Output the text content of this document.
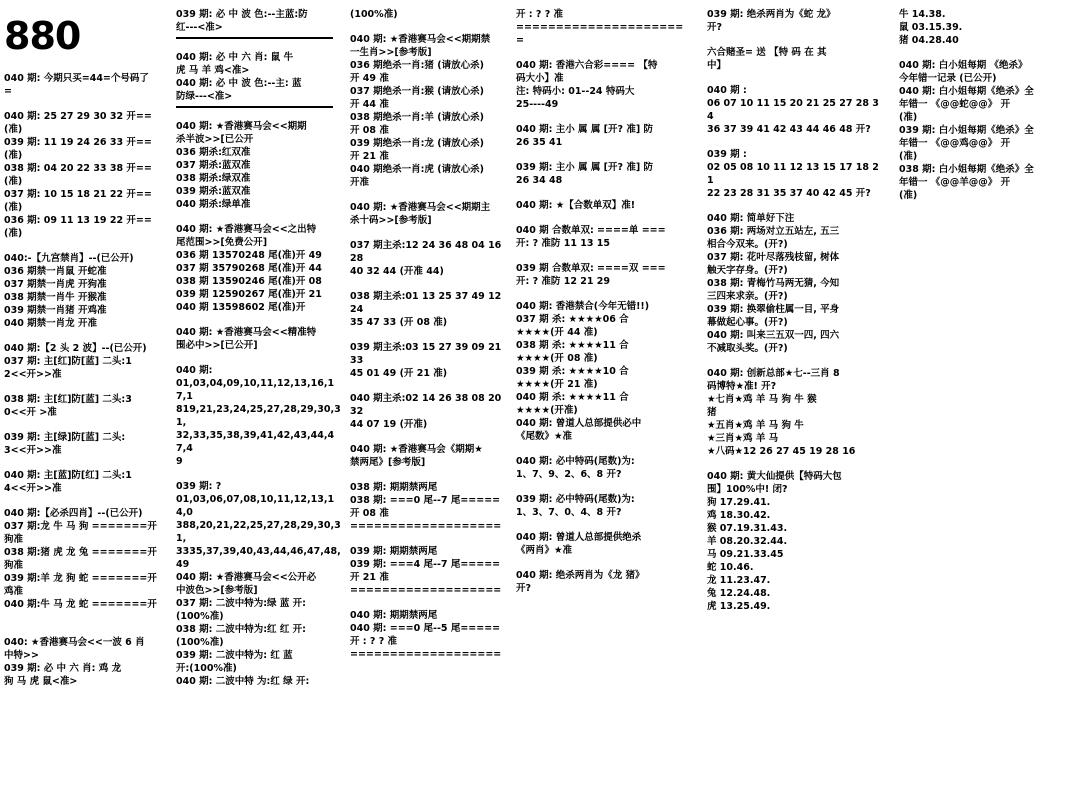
880
040 期: 今期只买=44=个号码了
=
040 期: 25 27 29 30 32 开==(准)
039 期: 11 19 24 26 33 开==(准)
038 期: 04 20 22 33 38 开==(准)
037 期: 10 15 18 21 22 开==(准)
036 期: 09 11 13 19 22 开==(准)
040:-【九宫禁肖】--(已公开)
036 期禁一肖鼠 开蛇准
037 期禁一肖虎 开狗准
038 期禁一肖牛 开猴准
039 期禁一肖猪 开鸡准
040 期禁一肖龙 开准
040 期:【2 头 2 波】--(已公开)
037 期: 主[红]防[蓝] 二头:1
2<<开>>准
038 期: 主[红]防[蓝] 二头:3
0<<开 >准
039 期: 主[绿]防[蓝] 二头:
3<<开>>准
040 期: 主[蓝]防[红] 二头:1
4<<开>>准
040 期:【必杀四肖】--(已公开)
037 期:龙 牛 马 狗 =======开
狗准
038 期:猪 虎 龙 兔 =======开
狗准
039 期:羊 龙 狗 蛇 =======开
鸡准
040 期:牛 马 龙 蛇 =======开

040: ★香港赛马会<<一波 6 肖
中特>>
039 期: 必 中 六 肖: 鸡 龙
狗 马 虎 鼠<准>
039 期: 必 中 波 色:--主蓝:防
红---<准>
040 期: 必 中 六 肖: 鼠 牛
虎 马 羊 鸡<准>
040 期: 必 中 波 色:--主: 蓝
防绿---<准>
040 期: ★香港赛马会<<期期
杀半波>>[已公开
036 期杀:红双准
037 期杀:蓝双准
038 期杀:绿双准
039 期杀:蓝双准
040 期杀:绿单准
040 期: ★香港赛马会<<之出特
尾范围>>[免费公开]
036 期 13570248 尾(准)开 49
037 期 35790268 尾(准)开 44
038 期 13590246 尾(准)开 08
039 期 12590267 尾(准)开 21
040 期 13598602 尾(准)开
040 期: ★香港赛马会<<精准特
围必中>>[已公开]
040 期:
01,03,04,09,10,11,12,13,16,17,1
819,21,23,24,25,27,28,29,30,31,
32,33,35,38,39,41,42,43,44,47,4
9
039 期: ?
01,03,06,07,08,10,11,12,13,14,0
388,20,21,22,25,27,28,29,30,31,
3335,37,39,40,43,44,46,47,48,49
040 期: ★香港赛马会<<公开必
中波色>>[参考版]
037 期: 二波中特为:绿 蓝 开:
(100%准)
038 期: 二波中特为:红 红 开:
(100%准)
039 期: 二波中特为: 红 蓝
开:(100%准)
040 期: 二波中特 为:红 绿 开:
(100%准)
040 期: ★香港赛马会<<期期禁
一生肖>>[参考版]
036 期绝杀一肖:猪 (请放心杀)
开 49 准
037 期绝杀一肖:猴 (请放心杀)
开 44 准
038 期绝杀一肖:羊 (请放心杀)
开 08 准
039 期绝杀一肖:龙 (请放心杀)
开 21 准
040 期绝杀一肖:虎 (请放心杀)
开准
040 期: ★香港赛马会<<期期主
杀十码>>[参考版]
037 期主杀:12 24 36 48 04 16 28
40 32 44 (开准 44)
038 期主杀:01 13 25 37 49 12 24
35 47 33 (开 08 准)
039 期主杀:03 15 27 39 09 21 33
45 01 49 (开 21 准)
040 期主杀:02 14 26 38 08 20 32
44 07 19 (开准)
040 期: ★香港赛马会《期期★
禁两尾》[参考版]
038 期: 期期禁两尾
038 期: ===0 尾--7 尾=====
开 08 准
===================
039 期: 期期禁两尾
039 期: ===4 尾--7 尾=====
开 21 准
===================
040 期: 期期禁两尾
040 期: ===0 尾--5 尾=====
开 : ? ? 准
===================
开 : ? ? 准
======================
040 期: 香港六合彩==== 【特
码大小】准
注: 特码小: 01--24 特码大
25----49
040 期: 主小 属 属 [开? 准] 防
26 35 41
039 期: 主小 属 属 [开? 准] 防
26 34 48
040 期: ★【合数单双】准!
040 期 合数单双: ====单 ===
开: ? 准防 11 13 15
039 期 合数单双: ====双 ===
开: ? 准防 12 21 29
040 期: 香港禁合(今年无错!!)
037 期 杀: ★★★★06 合
★★★★(开 44 准)
038 期 杀: ★★★★11 合
★★★★(开 08 准)
039 期 杀: ★★★★10 合
★★★★(开 21 准)
040 期 杀: ★★★★11 合
★★★★(开准)
040 期: 曾道人总部提供必中
《尾数》★准
040 期: 必中特码(尾数)为:
1、7、9、2、6、8 开?
039 期: 必中特码(尾数)为:
1、3、7、0、4、8 开?
040 期: 曾道人总部提供绝杀
《两肖》★准
040 期: 绝杀两肖为《龙 猪》
开?
039 期: 绝杀两肖为《蛇 龙》
开?
六合赌圣= 送 【特 码 在 其
中】
040 期 :
06 07 10 11 15 20 21 25 27 28 34
36 37 39 41 42 43 44 46 48 开?
039 期 :
02 05 08 10 11 12 13 15 17 18 21
22 23 28 31 35 37 40 42 45 开?
040 期: 简单好下注
036 期: 两场对立五站左, 五三
相合今双来。(开?)
037 期: 花叶尽落残枝留, 树体
触天字存身。(开?)
038 期: 青梅竹马两无猜, 今知
三四来求亲。(开?)
039 期: 换翠偷柱属一目, 平身
幕做起心事。(开?)
040 期: 叫来三五双一四, 四六
不减取头奖。(开?)
040 期: 创新总部★七--三肖 8
码博特★准! 开?
★七肖★鸡 羊 马 狗 牛 猴
猪
★五肖★鸡 羊 马 狗 牛
★三肖★鸡 羊 马
★八码★12 26 27 45 19 28 16
040 期: 黄大仙提供【特码大包
围】100%中! 闭?
狗 17.29.41.
鸡 18.30.42.
猴 07.19.31.43.
羊 08.20.32.44.
马 09.21.33.45
蛇 10.46.
龙 11.23.47.
兔 12.24.48.
虎 13.25.49.
牛 14.38.
鼠 03.15.39.
猪 04.28.40
040 期: 白小姐每期 《绝杀》
今年错一记录 (已公开)
040 期: 白小姐每期《绝杀》全
年错一 《@@蛇@@》 开
(准)
039 期: 白小姐每期《绝杀》全
年错一 《@@鸡@@》 开
(准)
038 期: 白小姐每期《绝杀》全
年错一 《@@羊@@》 开
(准)
